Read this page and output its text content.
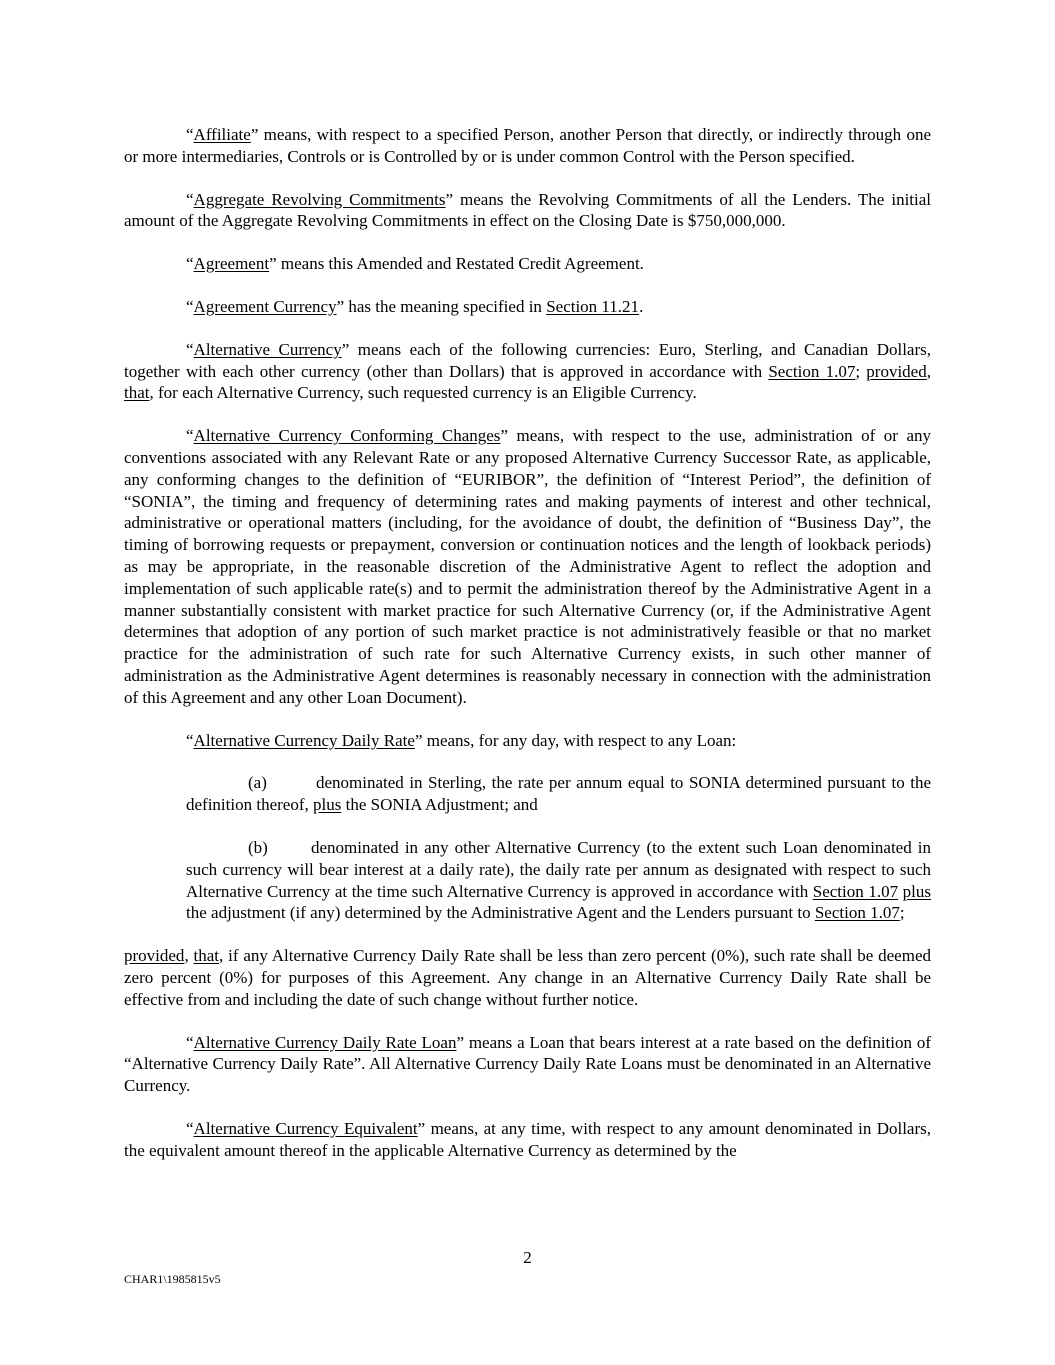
“Affiliate” means, with respect to a specified Person, another Person that directly, or indirectly through one or more intermediaries, Controls or is Controlled by or is under common Control with the Person specified.

“Aggregate Revolving Commitments” means the Revolving Commitments of all the Lenders. The initial amount of the Aggregate Revolving Commitments in effect on the Closing Date is $750,000,000.

“Agreement” means this Amended and Restated Credit Agreement.

“Agreement Currency” has the meaning specified in Section 11.21.

“Alternative Currency” means each of the following currencies: Euro, Sterling, and Canadian Dollars, together with each other currency (other than Dollars) that is approved in accordance with Section 1.07; provided, that, for each Alternative Currency, such requested currency is an Eligible Currency.

“Alternative Currency Conforming Changes” means, with respect to the use, administration of or any conventions associated with any Relevant Rate or any proposed Alternative Currency Successor Rate, as applicable, any conforming changes to the definition of “EURIBOR”, the definition of “Interest Period”, the definition of “SONIA”, the timing and frequency of determining rates and making payments of interest and other technical, administrative or operational matters (including, for the avoidance of doubt, the definition of “Business Day”, the timing of borrowing requests or prepayment, conversion or continuation notices and the length of lookback periods) as may be appropriate, in the reasonable discretion of the Administrative Agent to reflect the adoption and implementation of such applicable rate(s) and to permit the administration thereof by the Administrative Agent in a manner substantially consistent with market practice for such Alternative Currency (or, if the Administrative Agent determines that adoption of any portion of such market practice is not administratively feasible or that no market practice for the administration of such rate for such Alternative Currency exists, in such other manner of administration as the Administrative Agent determines is reasonably necessary in connection with the administration of this Agreement and any other Loan Document).

“Alternative Currency Daily Rate” means, for any day, with respect to any Loan:

(a)	denominated in Sterling, the rate per annum equal to SONIA determined pursuant to the definition thereof, plus the SONIA Adjustment; and

(b)	denominated in any other Alternative Currency (to the extent such Loan denominated in such currency will bear interest at a daily rate), the daily rate per annum as designated with respect to such Alternative Currency at the time such Alternative Currency is approved in accordance with Section 1.07 plus the adjustment (if any) determined by the Administrative Agent and the Lenders pursuant to Section 1.07;

provided, that, if any Alternative Currency Daily Rate shall be less than zero percent (0%), such rate shall be deemed zero percent (0%) for purposes of this Agreement. Any change in an Alternative Currency Daily Rate shall be effective from and including the date of such change without further notice.

“Alternative Currency Daily Rate Loan” means a Loan that bears interest at a rate based on the definition of “Alternative Currency Daily Rate”. All Alternative Currency Daily Rate Loans must be denominated in an Alternative Currency.

“Alternative Currency Equivalent” means, at any time, with respect to any amount denominated in Dollars, the equivalent amount thereof in the applicable Alternative Currency as determined by the

2
CHAR1\1985815v5
